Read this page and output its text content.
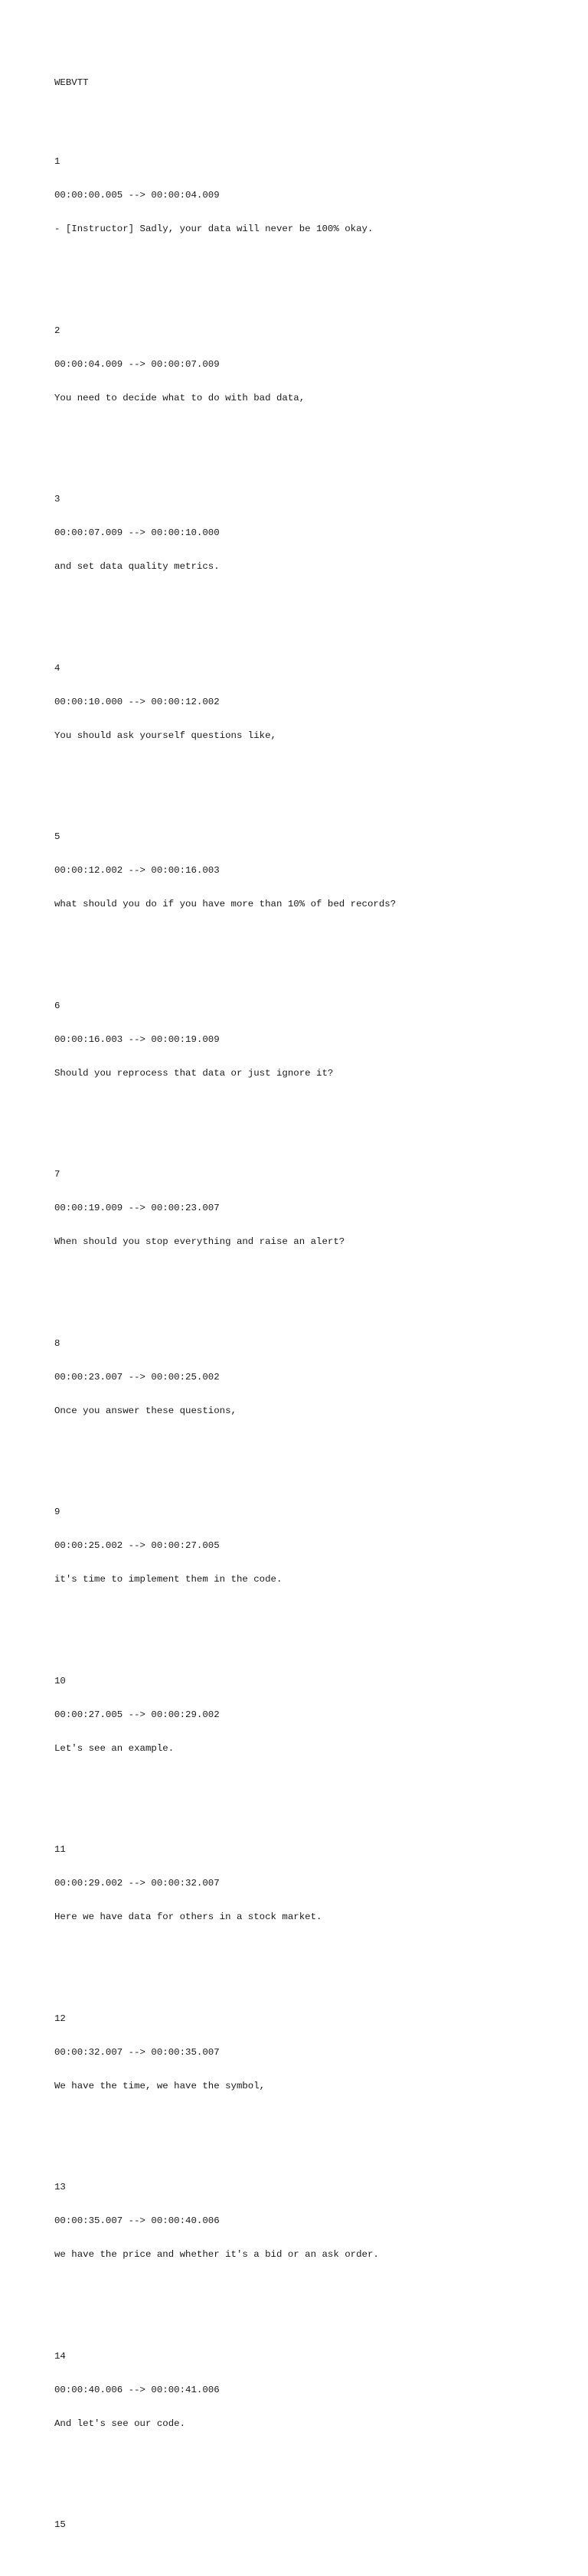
WEBVTT

1

00:00:00.005 --> 00:00:04.009

- [Instructor] Sadly, your data will never be 100% okay.

2

00:00:04.009 --> 00:00:07.009

You need to decide what to do with bad data,

3

00:00:07.009 --> 00:00:10.000

and set data quality metrics.

4

00:00:10.000 --> 00:00:12.002

You should ask yourself questions like,

5

00:00:12.002 --> 00:00:16.003

what should you do if you have more than 10% of bed records?

6

00:00:16.003 --> 00:00:19.009

Should you reprocess that data or just ignore it?

7

00:00:19.009 --> 00:00:23.007

When should you stop everything and raise an alert?

8

00:00:23.007 --> 00:00:25.002

Once you answer these questions,

9

00:00:25.002 --> 00:00:27.005

it's time to implement them in the code.

10

00:00:27.005 --> 00:00:29.002

Let's see an example.

11

00:00:29.002 --> 00:00:32.007

Here we have data for others in a stock market.

12

00:00:32.007 --> 00:00:35.007

We have the time, we have the symbol,

13

00:00:35.007 --> 00:00:40.006

we have the price and whether it's a bid or an ask order.

14

00:00:40.006 --> 00:00:41.006

And let's see our code.

15
